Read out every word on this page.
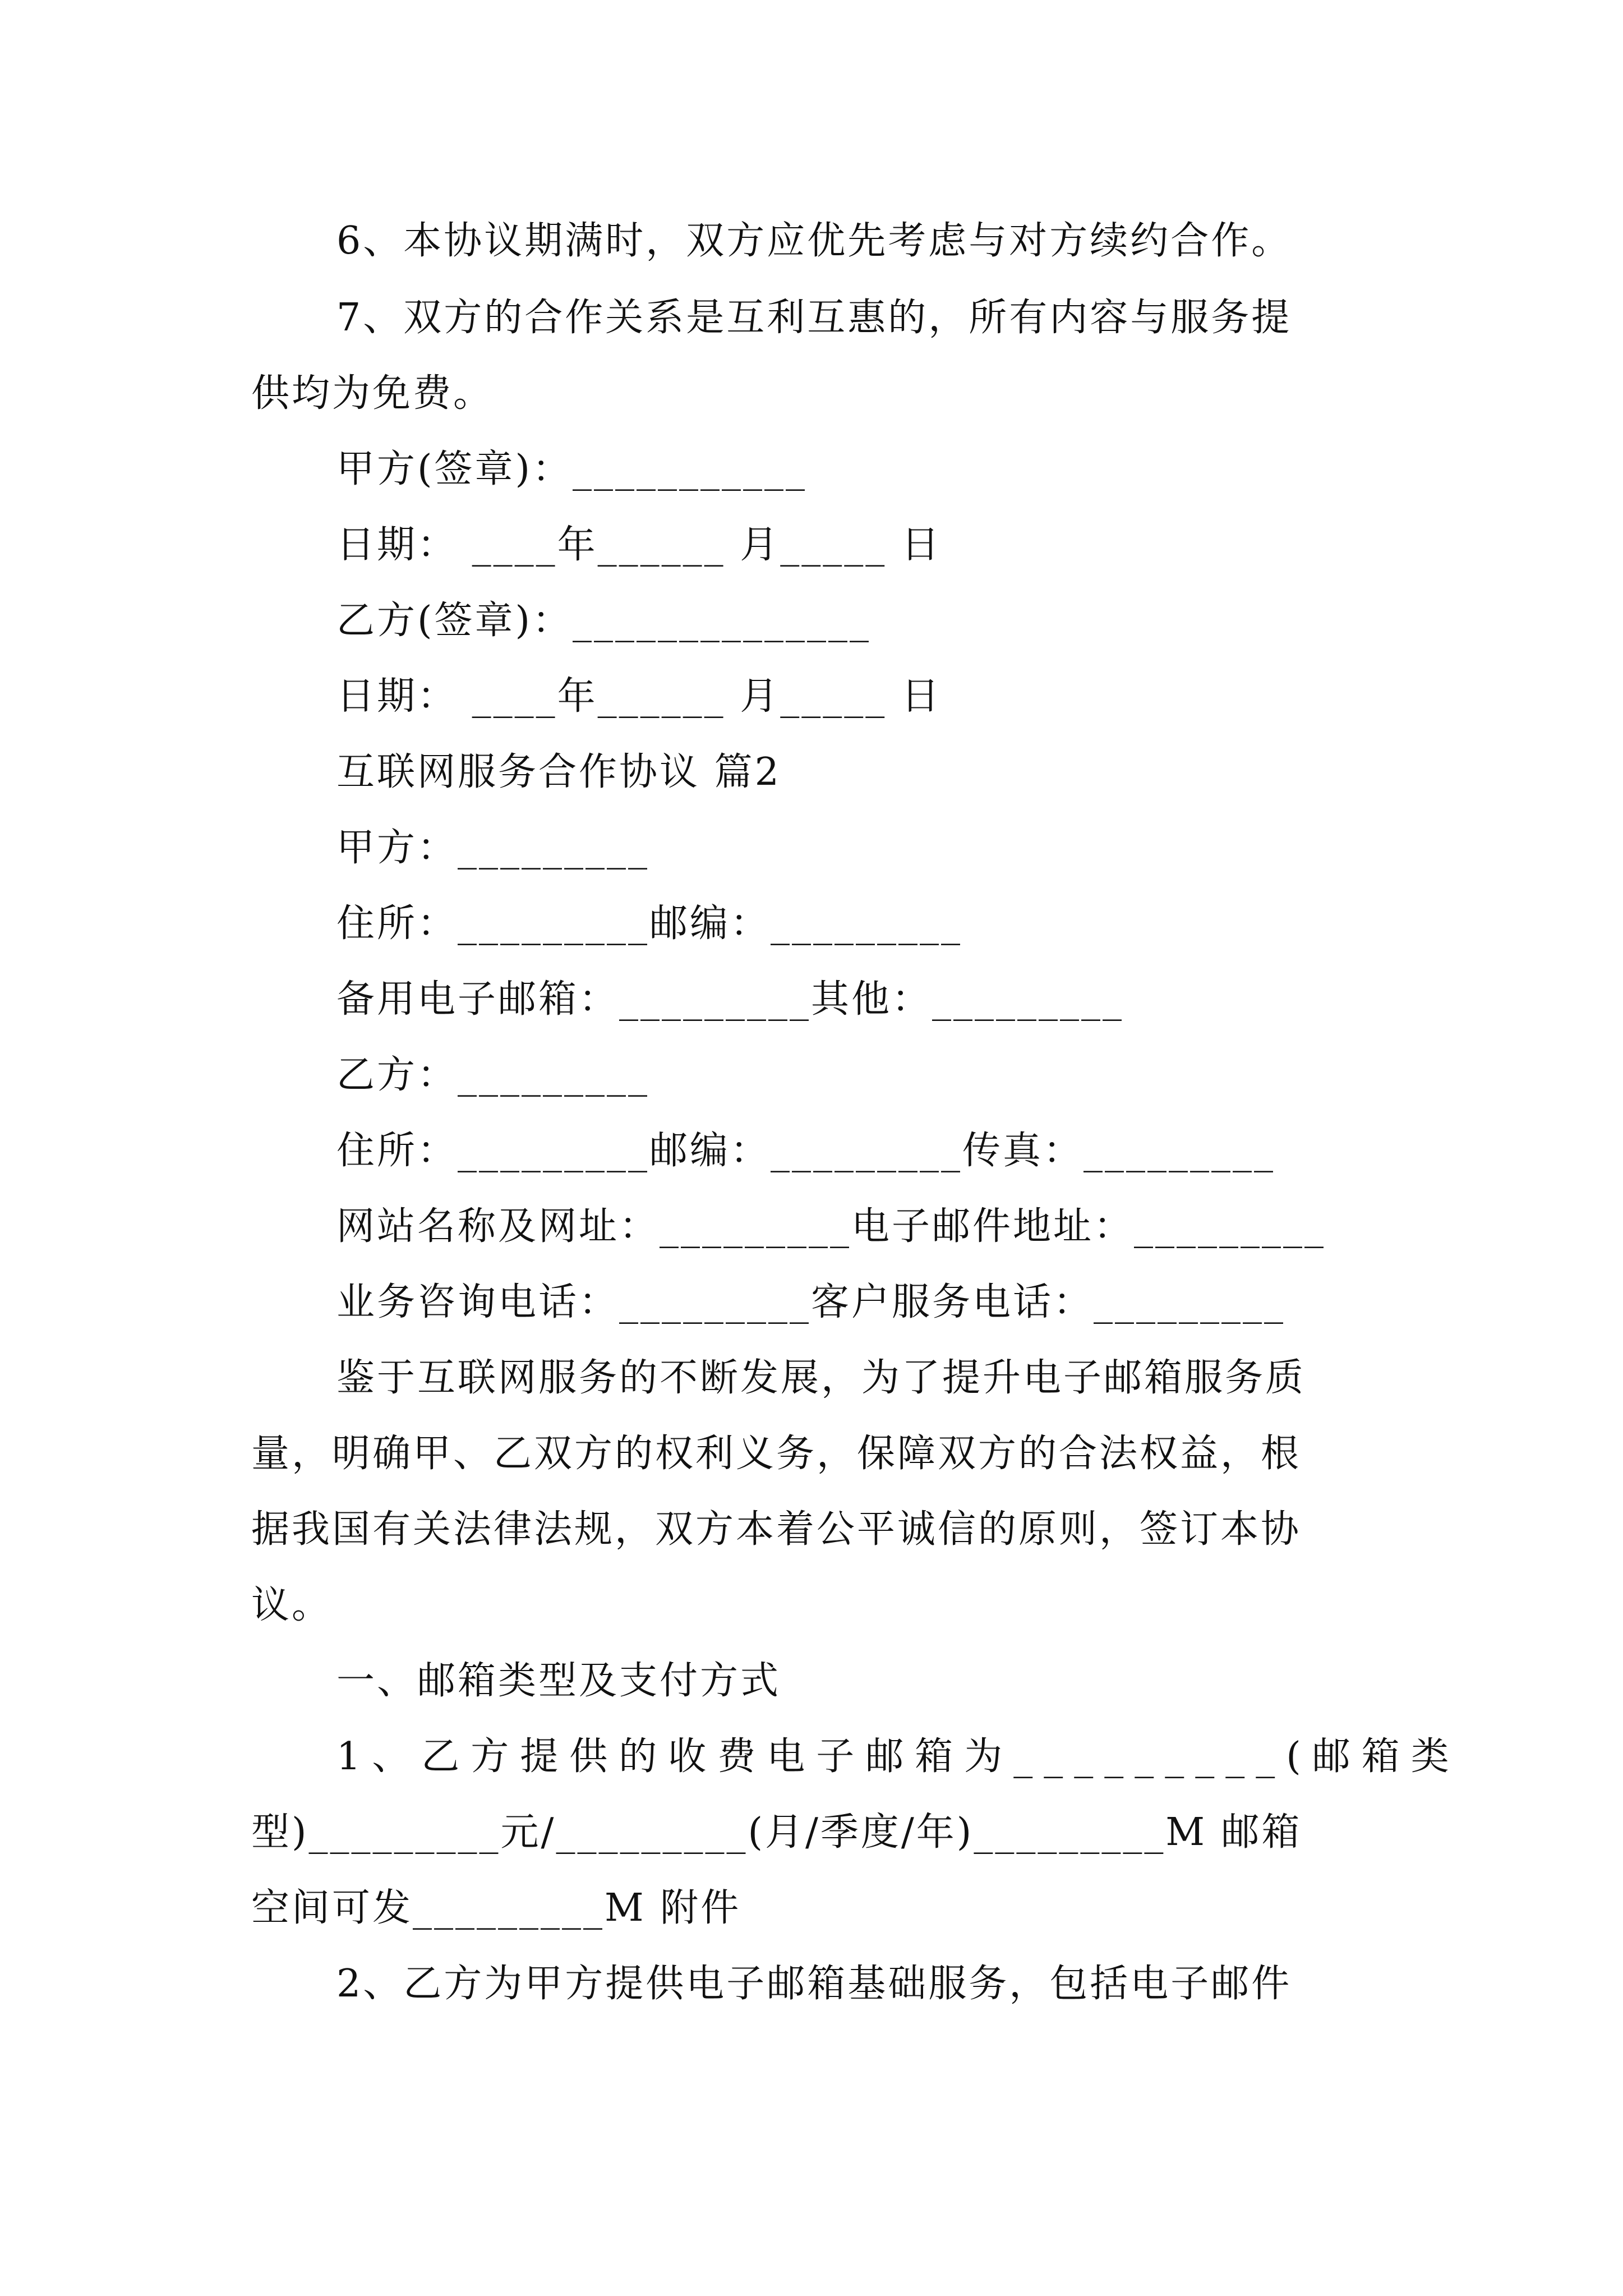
6、本协议期满时，双方应优先考虑与对方续约合作。
7、双方的合作关系是互利互惠的，所有内容与服务提
供均为免费。
甲方(签章)：___________
日期： ____年______ 月_____ 日
乙方(签章)：______________
日期： ____年______ 月_____ 日
互联网服务合作协议 篇2
甲方：_________
住所：_________邮编：_________
备用电子邮箱：_________其他：_________
乙方：_________
住所：_________邮编：_________传真：_________
网站名称及网址：_________电子邮件地址：_________
业务咨询电话：_________客户服务电话：_________
鉴于互联网服务的不断发展，为了提升电子邮箱服务质
量，明确甲、乙双方的权利义务，保障双方的合法权益，根
据我国有关法律法规，双方本着公平诚信的原则，签订本协
议。
一、邮箱类型及支付方式
1、乙方提供的收费电子邮箱为_________(邮箱类
型)_________元/_________(月/季度/年)_________M 邮箱
空间可发_________M 附件
2、乙方为甲方提供电子邮箱基础服务，包括电子邮件
